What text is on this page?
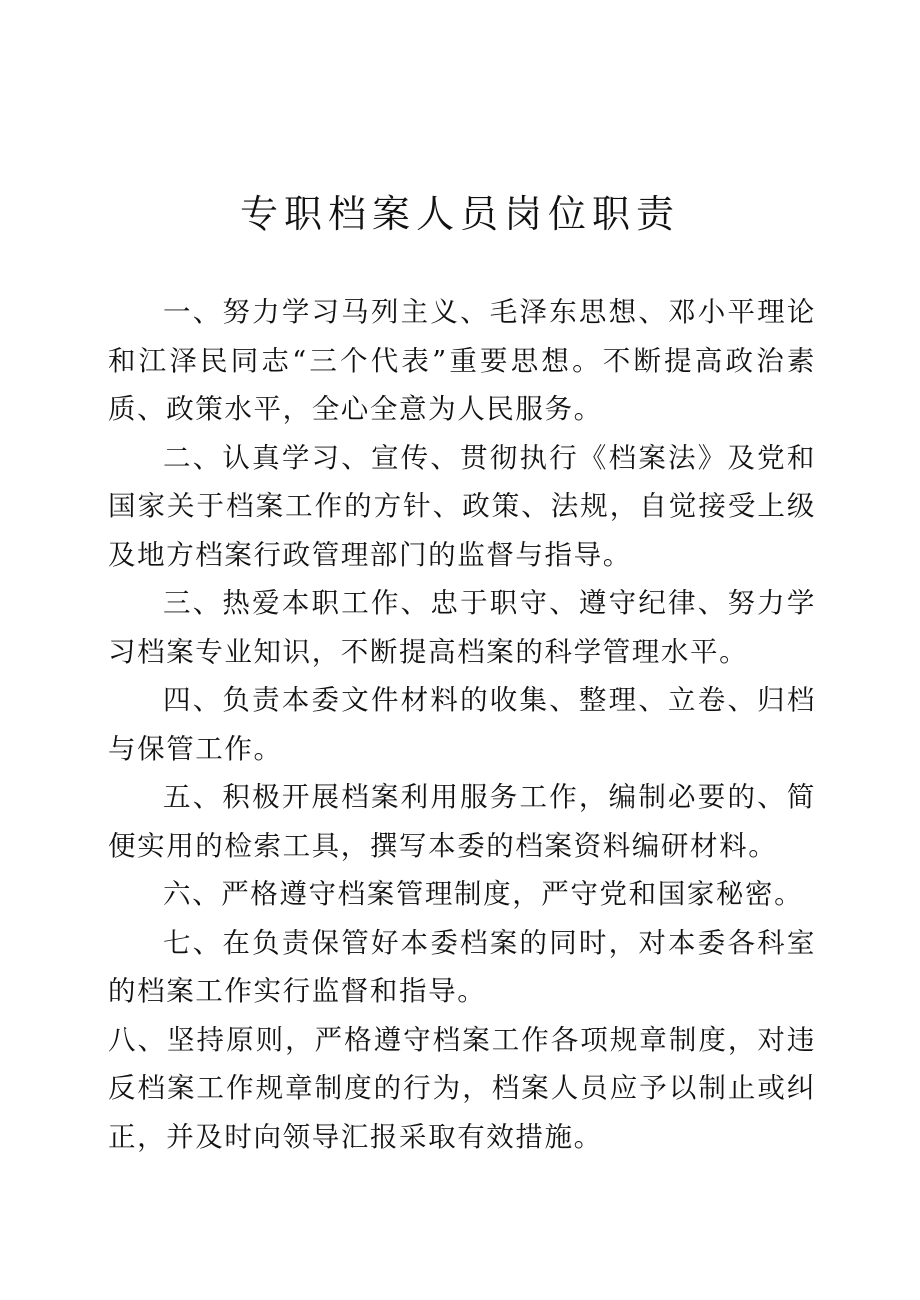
专职档案人员岗位职责

一、努力学习马列主义、毛泽东思想、邓小平理论和江泽民同志“三个代表”重要思想。不断提高政治素质、政策水平，全心全意为人民服务。

二、认真学习、宣传、贯彻执行《档案法》及党和国家关于档案工作的方针、政策、法规，自觉接受上级及地方档案行政管理部门的监督与指导。

三、热爱本职工作、忠于职守、遵守纪律、努力学习档案专业知识，不断提高档案的科学管理水平。

四、负责本委文件材料的收集、整理、立卷、归档与保管工作。

五、积极开展档案利用服务工作，编制必要的、简便实用的检索工具，撰写本委的档案资料编研材料。

六、严格遵守档案管理制度，严守党和国家秘密。

七、在负责保管好本委档案的同时，对本委各科室的档案工作实行监督和指导。

八、坚持原则，严格遵守档案工作各项规章制度，对违反档案工作规章制度的行为，档案人员应予以制止或纠正，并及时向领导汇报采取有效措施。
